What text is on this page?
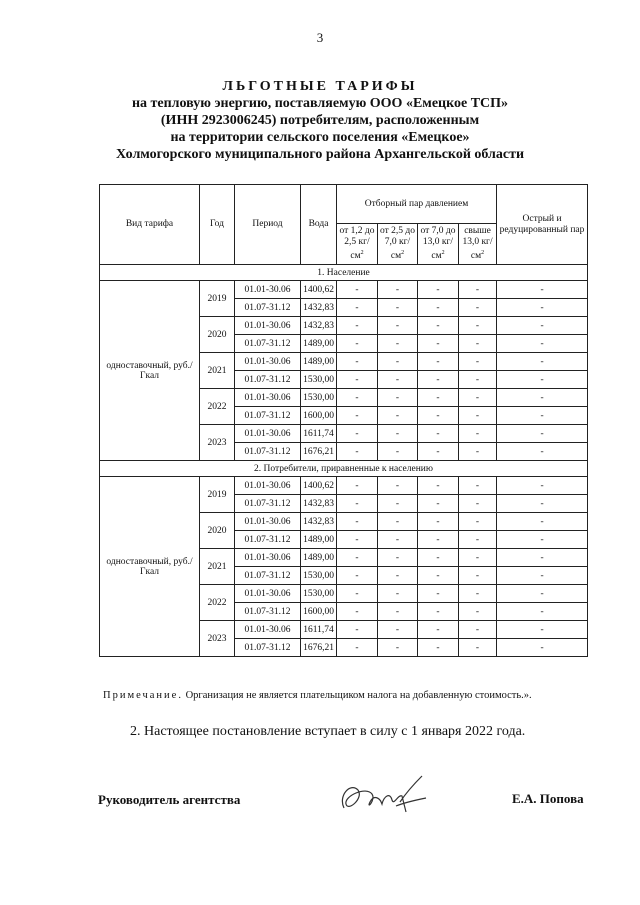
3
ЛЬГОТНЫЕ ТАРИФЫ
на тепловую энергию, поставляемую ООО «Емецкое ТСП»
(ИНН 2923006245) потребителям, расположенным
на территории сельского поселения «Емецкое»
Холмогорского муниципального района Архангельской области
Вид тарифа	Год	Период	Вода	Отборный пар давлением				Острый и редуцированный пар
				от 1,2 до 2,5 $кг/см^2$	от 2,5 до 7,0 $кг/см^2$	от 7,0 до 13,0 $кг/см^2$	свыше 13,0 $кг/см^2$
1. Население								
одноставочный, руб./Гкал	2019	01.01-30.06	1400,62	-	-	-	-	-
		01.07-31.12	1432,83	-	-	-	-	-
	2020	01.01-30.06	1432,83	-	-	-	-	-
		01.07-31.12	1489,00	-	-	-	-	-
	2021	01.01-30.06	1489,00	-	-	-	-	-
		01.07-31.12	1530,00	-	-	-	-	-
	2022	01.01-30.06	1530,00	-	-	-	-	-
		01.07-31.12	1600,00	-	-	-	-	-
	2023	01.01-30.06	1611,74	-	-	-	-	-
		01.07-31.12	1676,21	-	-	-	-	-
2. Потребители, приравненные к населению								
одноставочный, руб./Гкал	2019	01.01-30.06	1400,62	-	-	-	-	-
		01.07-31.12	1432,83	-	-	-	-	-
	2020	01.01-30.06	1432,83	-	-	-	-	-
		01.07-31.12	1489,00	-	-	-	-	-
	2021	01.01-30.06	1489,00	-	-	-	-	-
		01.07-31.12	1530,00	-	-	-	-	-
	2022	01.01-30.06	1530,00	-	-	-	-	-
		01.07-31.12	1600,00	-	-	-	-	-
	2023	01.01-30.06	1611,74	-	-	-	-	-
		01.07-31.12	1676,21	-	-	-	-	-
Примечание. Организация не является плательщиком налога на добавленную стоимость.».
2. Настоящее постановление вступает в силу с 1 января 2022 года.
Руководитель агентства	Е.А. Попова
